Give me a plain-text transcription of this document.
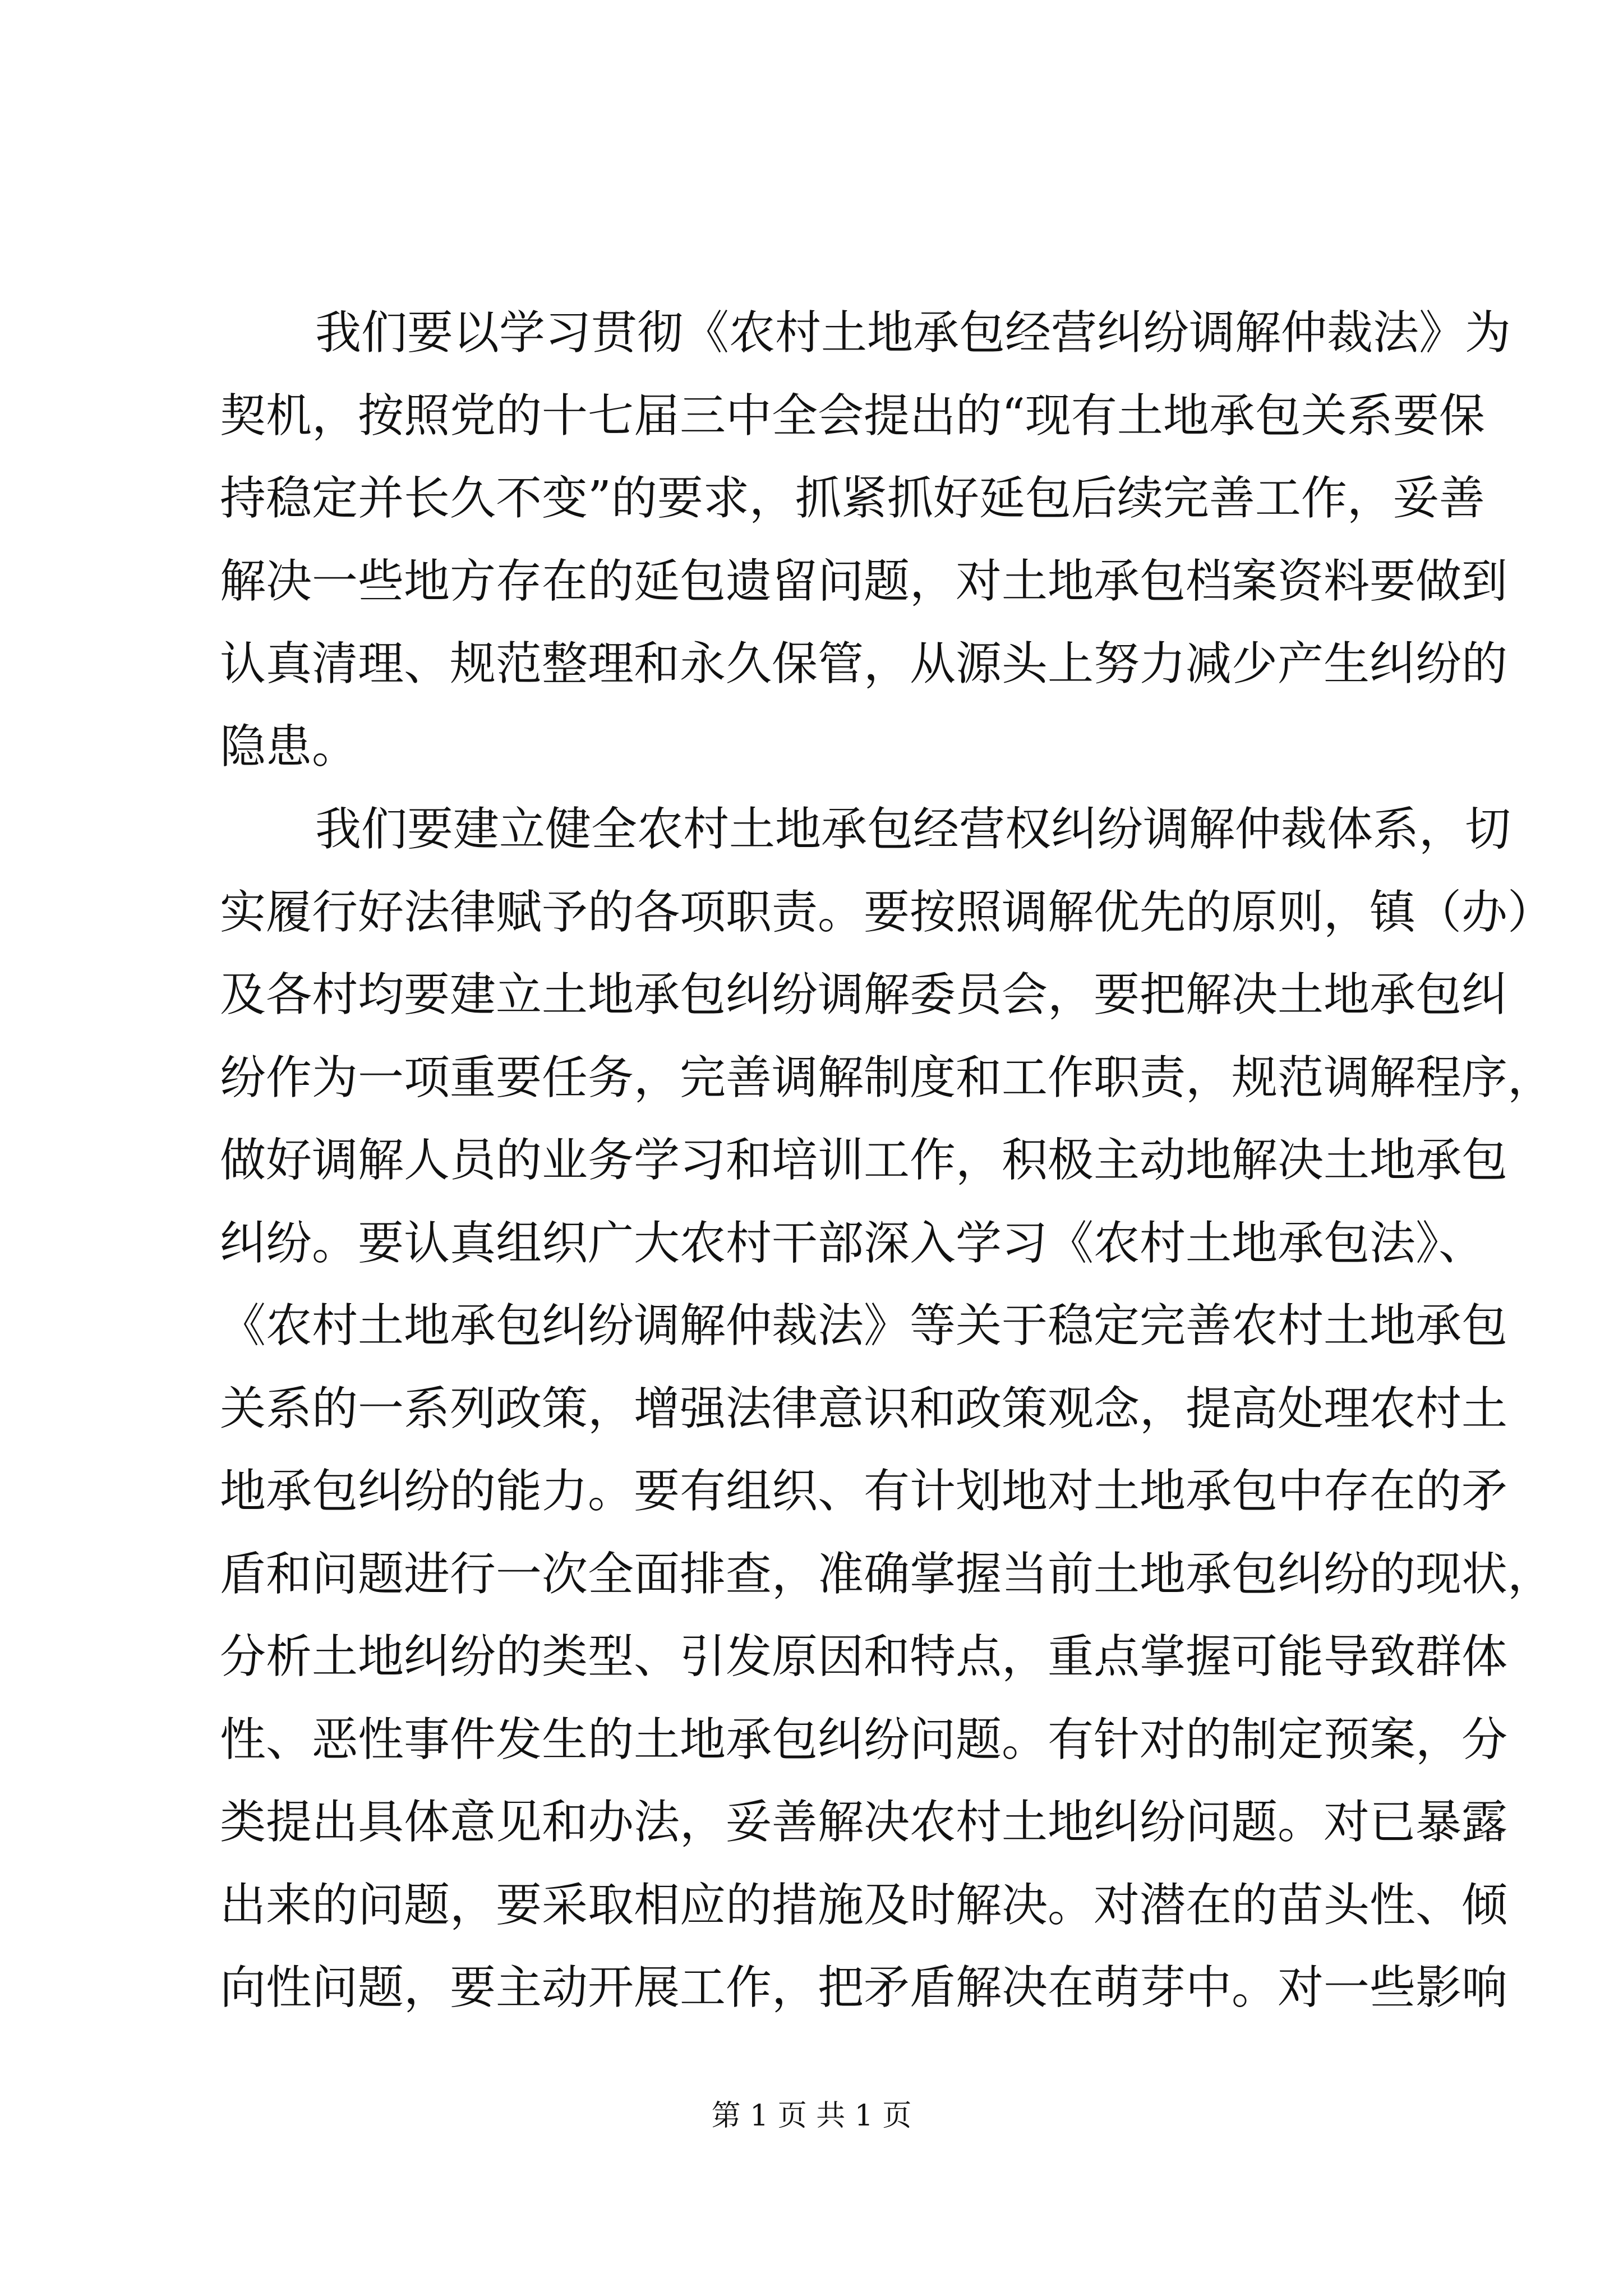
我们要以学习贯彻《农村土地承包经营纠纷调解仲裁法》为
契机，按照党的十七届三中全会提出的“现有土地承包关系要保
持稳定并长久不变”的要求，抓紧抓好延包后续完善工作，妥善
解决一些地方存在的延包遗留问题，对土地承包档案资料要做到
认真清理、规范整理和永久保管，从源头上努力减少产生纠纷的
隐患。
我们要建立健全农村土地承包经营权纠纷调解仲裁体系，切
实履行好法律赋予的各项职责。要按照调解优先的原则，镇（办）
及各村均要建立土地承包纠纷调解委员会，要把解决土地承包纠
纷作为一项重要任务，完善调解制度和工作职责，规范调解程序，
做好调解人员的业务学习和培训工作，积极主动地解决土地承包
纠纷。要认真组织广大农村干部深入学习《农村土地承包法》、
《农村土地承包纠纷调解仲裁法》等关于稳定完善农村土地承包
关系的一系列政策，增强法律意识和政策观念，提高处理农村土
地承包纠纷的能力。要有组织、有计划地对土地承包中存在的矛
盾和问题进行一次全面排查，准确掌握当前土地承包纠纷的现状，
分析土地纠纷的类型、引发原因和特点，重点掌握可能导致群体
性、恶性事件发生的土地承包纠纷问题。有针对的制定预案，分
类提出具体意见和办法，妥善解决农村土地纠纷问题。对已暴露
出来的问题，要采取相应的措施及时解决。对潜在的苗头性、倾
向性问题，要主动开展工作，把矛盾解决在萌芽中。对一些影响
第 1 页 共 1 页
